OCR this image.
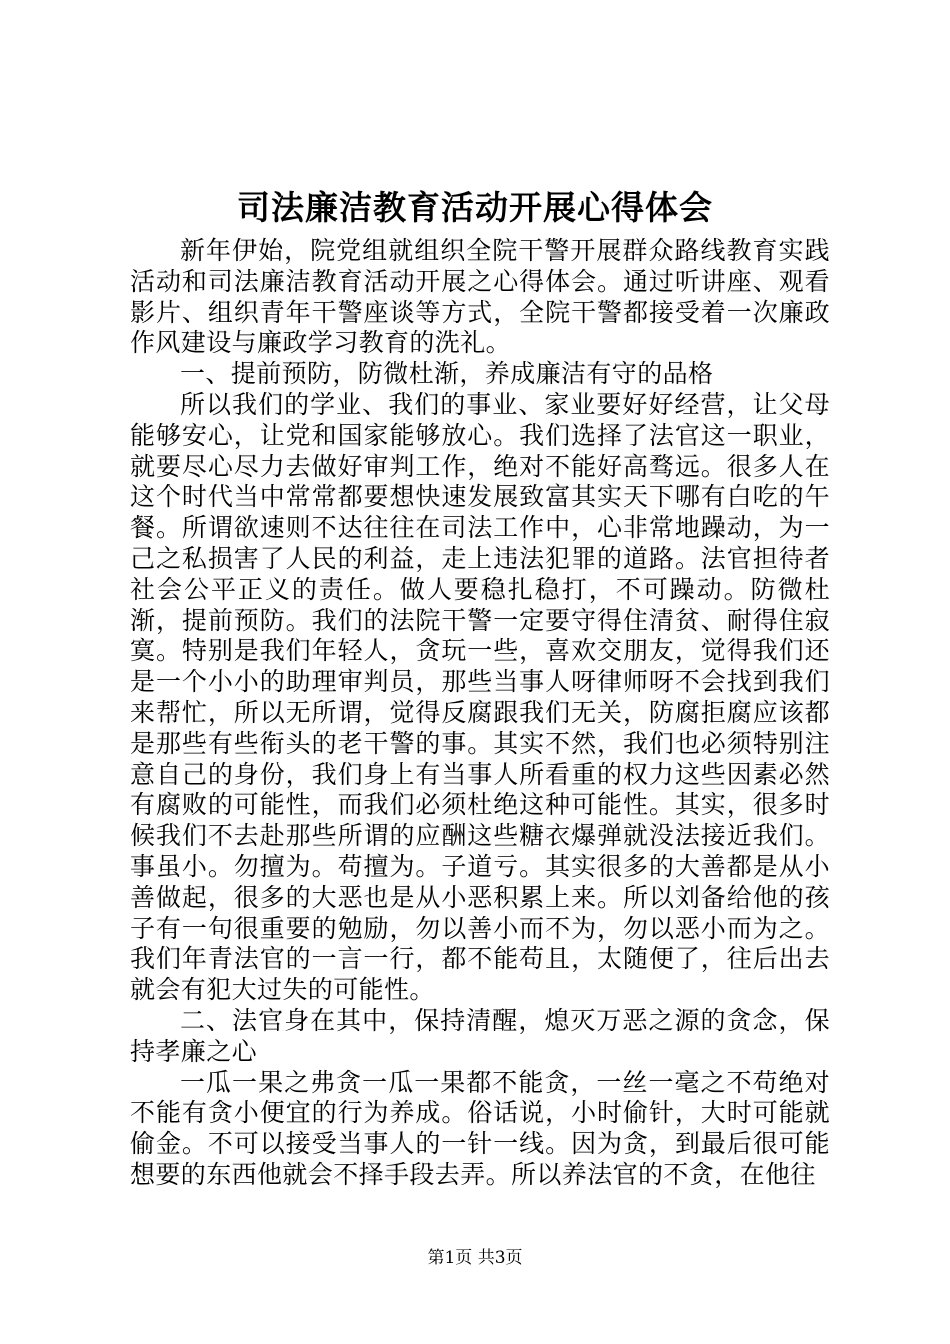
司法廉洁教育活动开展心得体会

新年伊始，院党组就组织全院干警开展群众路线教育实践活动和司法廉洁教育活动开展之心得体会。通过听讲座、观看影片、组织青年干警座谈等方式，全院干警都接受着一次廉政作风建设与廉政学习教育的洗礼。

一、提前预防，防微杜渐，养成廉洁有守的品格

所以我们的学业、我们的事业、家业要好好经营，让父母能够安心，让党和国家能够放心。我们选择了法官这一职业，就要尽心尽力去做好审判工作，绝对不能好高骛远。很多人在这个时代当中常常都要想快速发展致富其实天下哪有白吃的午餐。所谓欲速则不达往往在司法工作中，心非常地躁动，为一己之私损害了人民的利益，走上违法犯罪的道路。法官担待者社会公平正义的责任。做人要稳扎稳打，不可躁动。防微杜渐，提前预防。我们的法院干警一定要守得住清贫、耐得住寂寞。特别是我们年轻人，贪玩一些，喜欢交朋友，觉得我们还是一个小小的助理审判员，那些当事人呀律师呀不会找到我们来帮忙，所以无所谓，觉得反腐跟我们无关，防腐拒腐应该都是那些有些衔头的老干警的事。其实不然，我们也必须特别注意自己的身份，我们身上有当事人所看重的权力这些因素必然有腐败的可能性，而我们必须杜绝这种可能性。其实，很多时候我们不去赴那些所谓的应酬这些糖衣爆弹就没法接近我们。事虽小。勿擅为。苟擅为。子道亏。其实很多的大善都是从小善做起，很多的大恶也是从小恶积累上来。所以刘备给他的孩子有一句很重要的勉励，勿以善小而不为，勿以恶小而为之。我们年青法官的一言一行，都不能苟且，太随便了，往后出去就会有犯大过失的可能性。

二、法官身在其中，保持清醒，熄灭万恶之源的贪念，保持孝廉之心

一瓜一果之弗贪一瓜一果都不能贪，一丝一毫之不苟绝对不能有贪小便宜的行为养成。俗话说，小时偷针，大时可能就偷金。不可以接受当事人的一针一线。因为贪，到最后很可能想要的东西他就会不择手段去弄。所以养法官的不贪，在他往

第1页 共3页
